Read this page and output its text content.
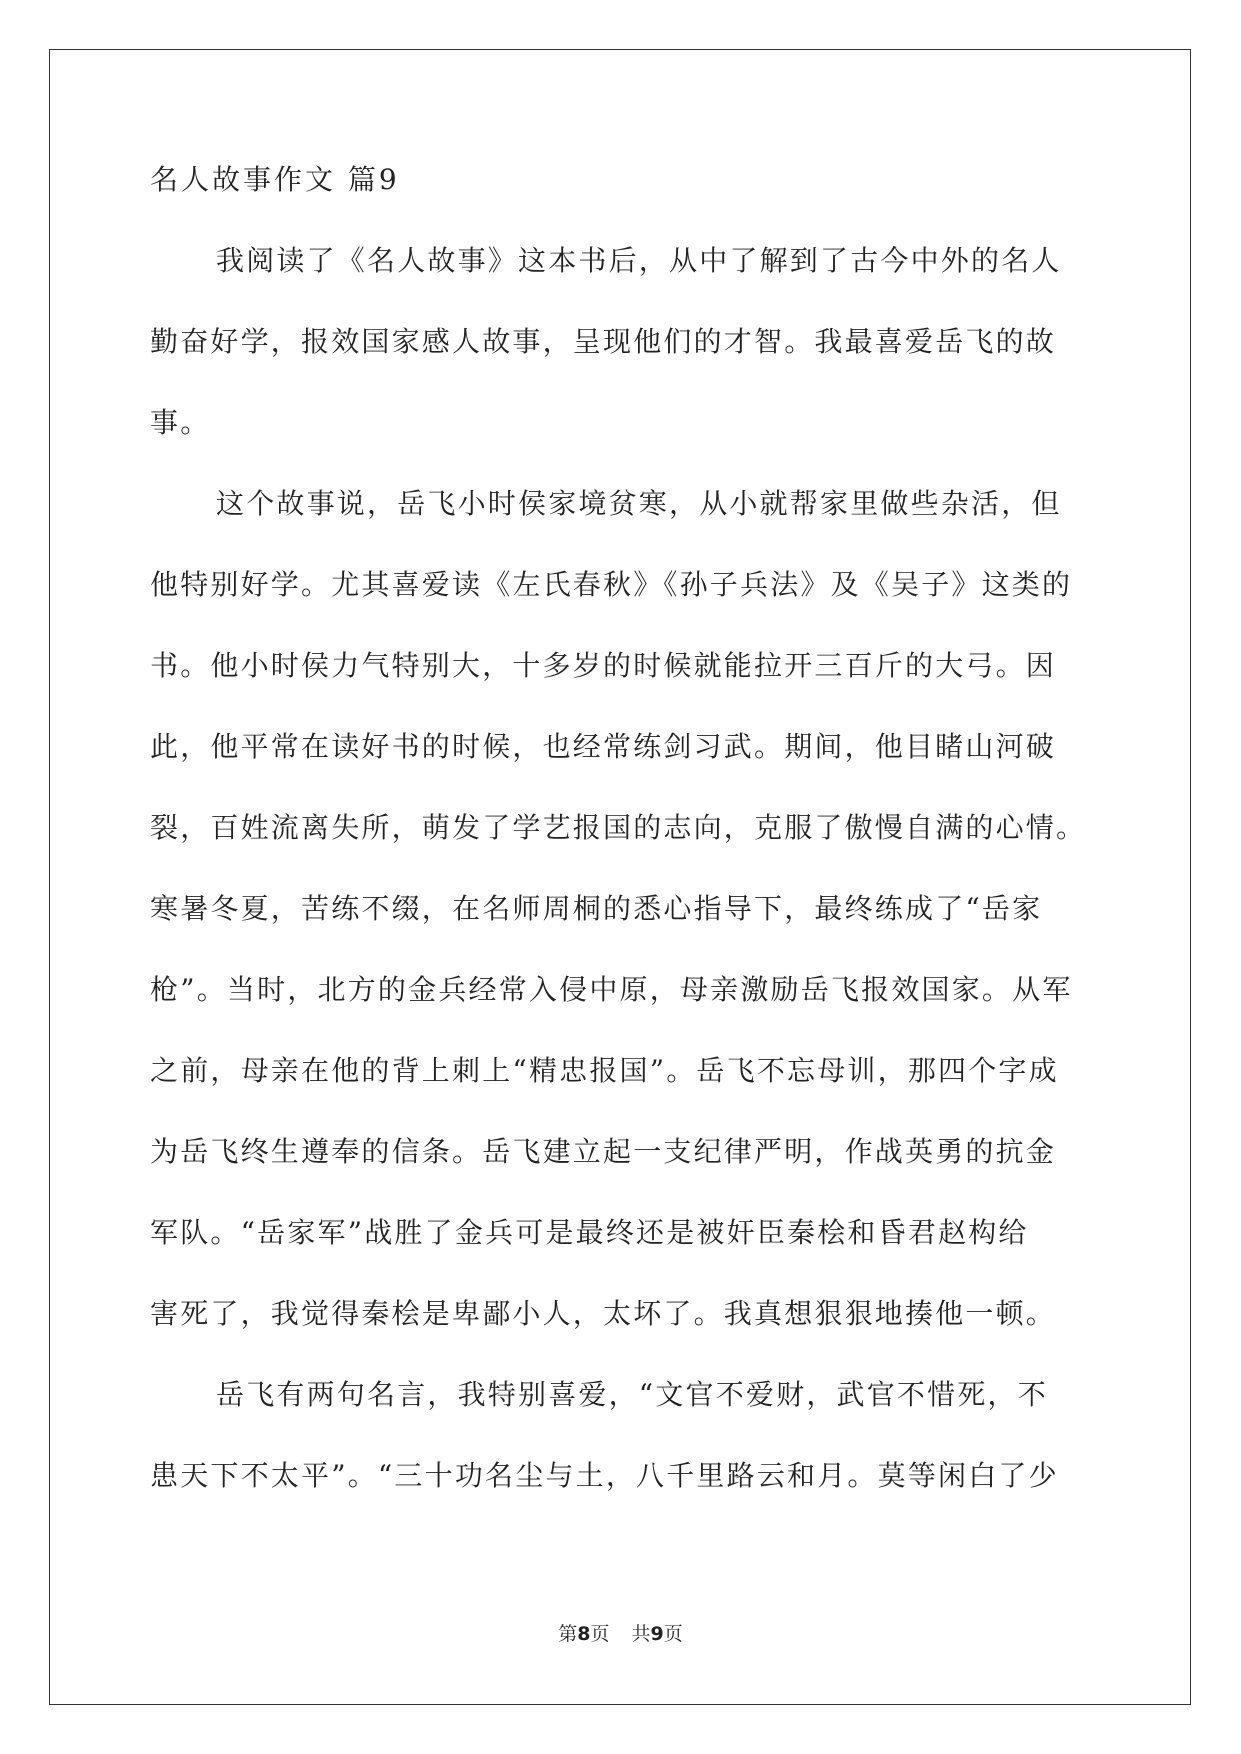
名人故事作文 篇9
我阅读了《名人故事》这本书后，从中了解到了古今中外的名人
勤奋好学，报效国家感人故事，呈现他们的才智。我最喜爱岳飞的故
事。
这个故事说，岳飞小时侯家境贫寒，从小就帮家里做些杂活，但
他特别好学。尤其喜爱读《左氏春秋》《孙子兵法》及《吴子》这类的
书。他小时侯力气特别大，十多岁的时候就能拉开三百斤的大弓。因
此，他平常在读好书的时候，也经常练剑习武。期间，他目睹山河破
裂，百姓流离失所，萌发了学艺报国的志向，克服了傲慢自满的心情。
寒暑冬夏，苦练不缀，在名师周桐的悉心指导下，最终练成了“岳家
枪”。当时，北方的金兵经常入侵中原，母亲激励岳飞报效国家。从军
之前，母亲在他的背上刺上“精忠报国”。岳飞不忘母训，那四个字成
为岳飞终生遵奉的信条。岳飞建立起一支纪律严明，作战英勇的抗金
军队。“岳家军”战胜了金兵可是最终还是被奸臣秦桧和昏君赵构给
害死了，我觉得秦桧是卑鄙小人，太坏了。我真想狠狠地揍他一顿。
岳飞有两句名言，我特别喜爱，“文官不爱财，武官不惜死，不
患天下不太平”。“三十功名尘与土，八千里路云和月。莫等闲白了少
第8页 共9页
